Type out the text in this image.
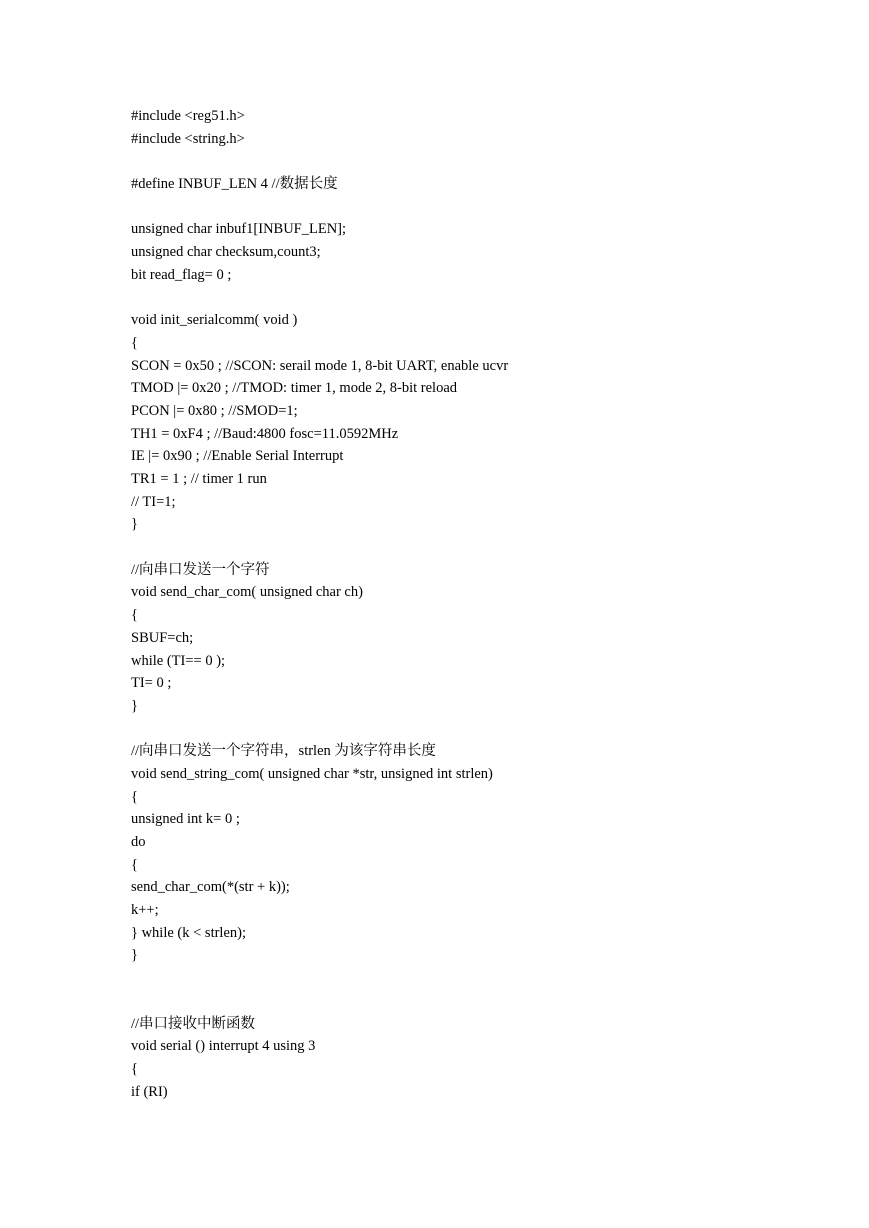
#include <reg51.h>
#include <string.h>
#define INBUF_LEN 4 //数据长度
unsigned char inbuf1[INBUF_LEN];
unsigned char checksum,count3;
bit read_flag= 0 ;
void init_serialcomm( void )
{
SCON = 0x50 ; //SCON: serail mode 1, 8-bit UART, enable ucvr
TMOD |= 0x20 ; //TMOD: timer 1, mode 2, 8-bit reload
PCON |= 0x80 ; //SMOD=1;
TH1 = 0xF4 ; //Baud:4800 fosc=11.0592MHz
IE |= 0x90 ; //Enable Serial Interrupt
TR1 = 1 ; // timer 1 run
// TI=1;
}
//向串口发送一个字符
void send_char_com( unsigned char ch)
{
SBUF=ch;
while (TI== 0 );
TI= 0 ;
}
//向串口发送一个字符串，strlen 为该字符串长度
void send_string_com( unsigned char *str, unsigned int strlen)
{
unsigned int k= 0 ;
do
{
send_char_com(*(str + k));
k++;
} while (k < strlen);
}
//串口接收中断函数
void serial () interrupt 4 using 3
{
if (RI)
